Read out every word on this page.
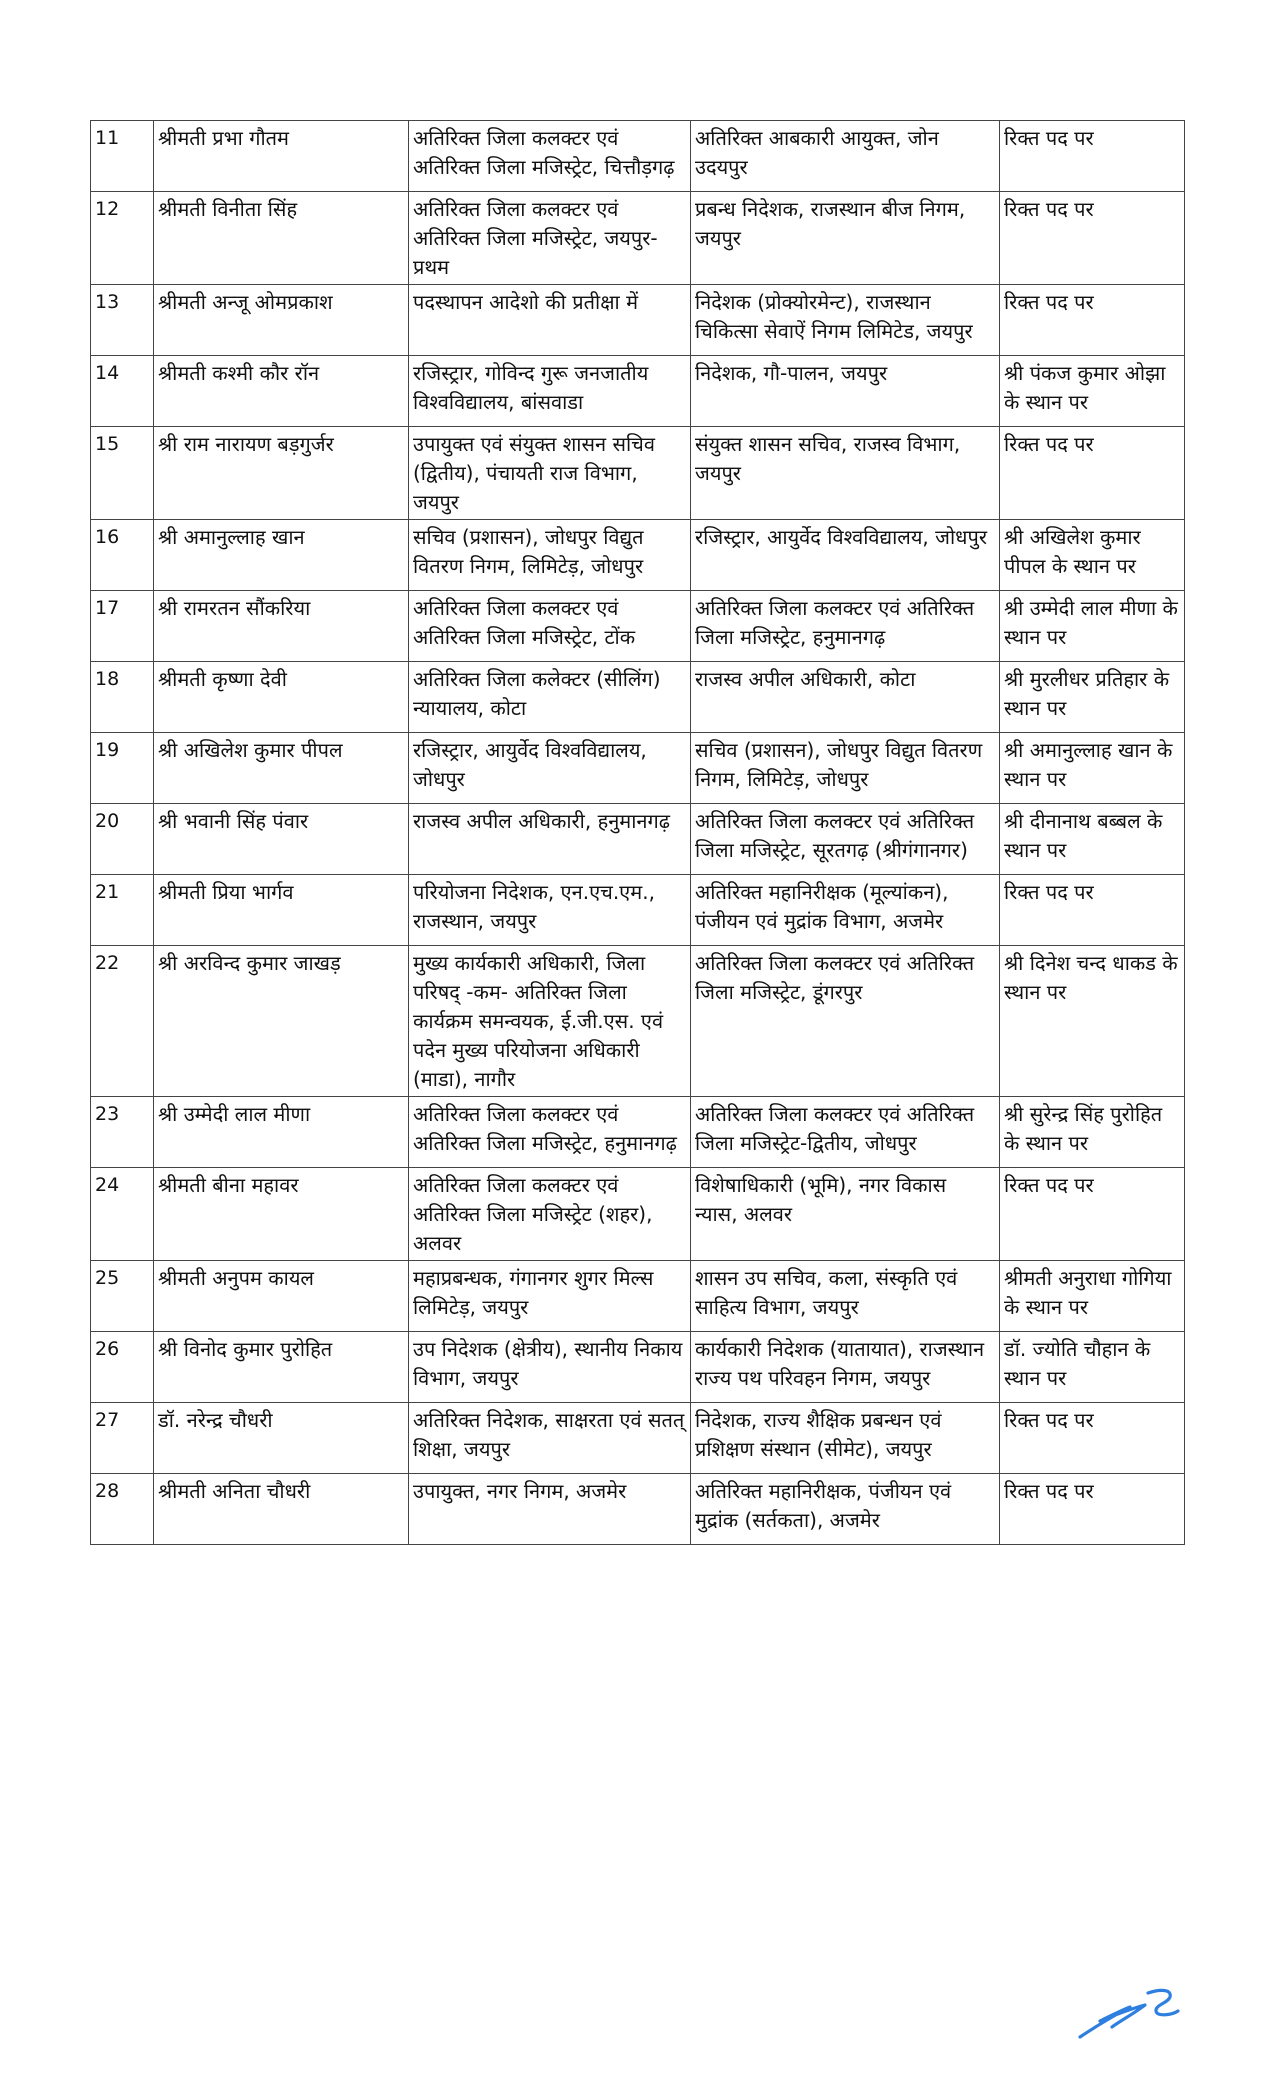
11	श्रीमती प्रभा गौतम	अतिरिक्त जिला कलक्टर एवं अतिरिक्त जिला मजिस्ट्रेट, चित्तौड़गढ़	अतिरिक्त आबकारी आयुक्त, जोन उदयपुर	रिक्त पद पर
12	श्रीमती विनीता सिंह	अतिरिक्त जिला कलक्टर एवं अतिरिक्त जिला मजिस्ट्रेट, जयपुर-प्रथम	प्रबन्ध निदेशक, राजस्थान बीज निगम, जयपुर	रिक्त पद पर
13	श्रीमती अन्जू ओमप्रकाश	पदस्थापन आदेशो की प्रतीक्षा में	निदेशक (प्रोक्योरमेन्ट), राजस्थान चिकित्सा सेवाऐं निगम लिमिटेड, जयपुर	रिक्त पद पर
14	श्रीमती कश्मी कौर रॉन	रजिस्ट्रार, गोविन्द गुरू जनजातीय विश्वविद्यालय, बांसवाडा	निदेशक, गौ-पालन, जयपुर	श्री पंकज कुमार ओझा के स्थान पर
15	श्री राम नारायण बड़गुर्जर	उपायुक्त एवं संयुक्त शासन सचिव (द्वितीय), पंचायती राज विभाग, जयपुर	संयुक्त शासन सचिव, राजस्व विभाग, जयपुर	रिक्त पद पर
16	श्री अमानुल्लाह खान	सचिव (प्रशासन), जोधपुर विद्युत वितरण निगम, लिमिटेड़, जोधपुर	रजिस्ट्रार, आयुर्वेद विश्वविद्यालय, जोधपुर	श्री अखिलेश कुमार पीपल के स्थान पर
17	श्री रामरतन सौंकरिया	अतिरिक्त जिला कलक्टर एवं अतिरिक्त जिला मजिस्ट्रेट, टोंक	अतिरिक्त जिला कलक्टर एवं अतिरिक्त जिला मजिस्ट्रेट, हनुमानगढ़	श्री उम्मेदी लाल मीणा के स्थान पर
18	श्रीमती कृष्णा देवी	अतिरिक्त जिला कलेक्टर (सीलिंग) न्यायालय, कोटा	राजस्व अपील अधिकारी, कोटा	श्री मुरलीधर प्रतिहार के स्थान पर
19	श्री अखिलेश कुमार पीपल	रजिस्ट्रार, आयुर्वेद विश्वविद्यालय, जोधपुर	सचिव (प्रशासन), जोधपुर विद्युत वितरण निगम, लिमिटेड़, जोधपुर	श्री अमानुल्लाह खान के स्थान पर
20	श्री भवानी सिंह पंवार	राजस्व अपील अधिकारी, हनुमानगढ़	अतिरिक्त जिला कलक्टर एवं अतिरिक्त जिला मजिस्ट्रेट, सूरतगढ़ (श्रीगंगानगर)	श्री दीनानाथ बब्बल के स्थान पर
21	श्रीमती प्रिया भार्गव	परियोजना निदेशक, एन.एच.एम., राजस्थान, जयपुर	अतिरिक्त महानिरीक्षक (मूल्यांकन), पंजीयन एवं मुद्रांक विभाग, अजमेर	रिक्त पद पर
22	श्री अरविन्द कुमार जाखड़	मुख्य कार्यकारी अधिकारी, जिला परिषद् -कम- अतिरिक्त जिला कार्यक्रम समन्वयक, ई.जी.एस. एवं पदेन मुख्य परियोजना अधिकारी (माडा), नागौर	अतिरिक्त जिला कलक्टर एवं अतिरिक्त जिला मजिस्ट्रेट, डूंगरपुर	श्री दिनेश चन्द धाकड के स्थान पर
23	श्री उम्मेदी लाल मीणा	अतिरिक्त जिला कलक्टर एवं अतिरिक्त जिला मजिस्ट्रेट, हनुमानगढ़	अतिरिक्त जिला कलक्टर एवं अतिरिक्त जिला मजिस्ट्रेट-द्वितीय, जोधपुर	श्री सुरेन्द्र सिंह पुरोहित के स्थान पर
24	श्रीमती बीना महावर	अतिरिक्त जिला कलक्टर एवं अतिरिक्त जिला मजिस्ट्रेट (शहर), अलवर	विशेषाधिकारी (भूमि), नगर विकास न्यास, अलवर	रिक्त पद पर
25	श्रीमती अनुपम कायल	महाप्रबन्धक, गंगानगर शुगर मिल्स लिमिटेड़, जयपुर	शासन उप सचिव, कला, संस्कृति एवं साहित्य विभाग, जयपुर	श्रीमती अनुराधा गोगिया के स्थान पर
26	श्री विनोद कुमार पुरोहित	उप निदेशक (क्षेत्रीय), स्थानीय निकाय विभाग, जयपुर	कार्यकारी निदेशक (यातायात), राजस्थान राज्य पथ परिवहन निगम, जयपुर	डॉ. ज्योति चौहान के स्थान पर
27	डॉ. नरेन्द्र चौधरी	अतिरिक्त निदेशक, साक्षरता एवं सतत् शिक्षा, जयपुर	निदेशक, राज्य शैक्षिक प्रबन्धन एवं प्रशिक्षण संस्थान (सीमेट), जयपुर	रिक्त पद पर
28	श्रीमती अनिता चौधरी	उपायुक्त, नगर निगम, अजमेर	अतिरिक्त महानिरीक्षक, पंजीयन एवं मुद्रांक (सर्तकता), अजमेर	रिक्त पद पर
